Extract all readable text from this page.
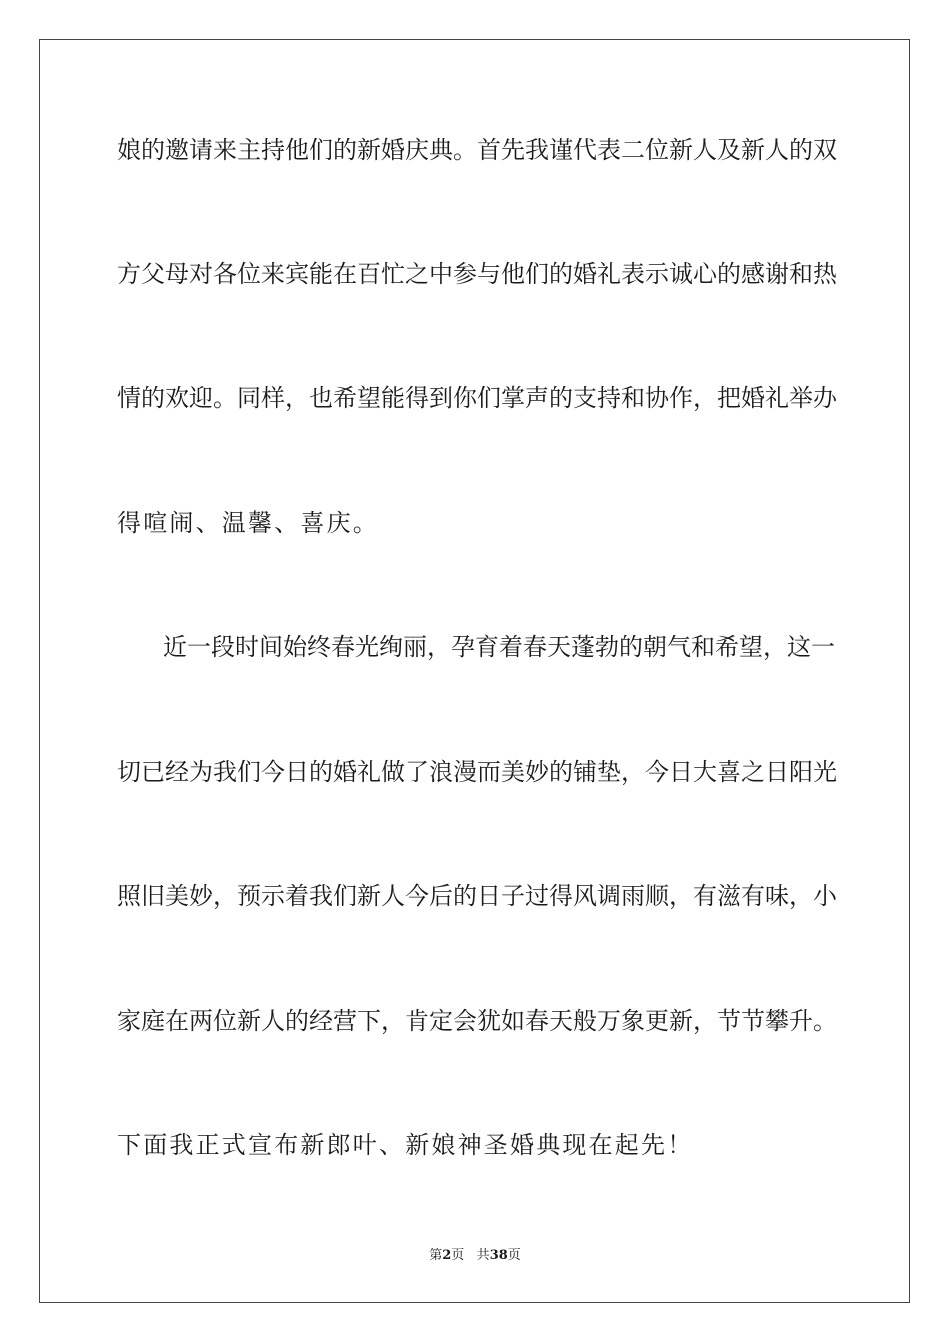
娘的邀请来主持他们的新婚庆典。首先我谨代表二位新人及新人的双
方父母对各位来宾能在百忙之中参与他们的婚礼表示诚心的感谢和热
情的欢迎。同样，也希望能得到你们掌声的支持和协作，把婚礼举办
得喧闹、温馨、喜庆。
近一段时间始终春光绚丽，孕育着春天蓬勃的朝气和希望，这一
切已经为我们今日的婚礼做了浪漫而美妙的铺垫，今日大喜之日阳光
照旧美妙，预示着我们新人今后的日子过得风调雨顺，有滋有味，小
家庭在两位新人的经营下，肯定会犹如春天般万象更新，节节攀升。
下面我正式宣布新郎叶、新娘神圣婚典现在起先！
第2页 共38页
